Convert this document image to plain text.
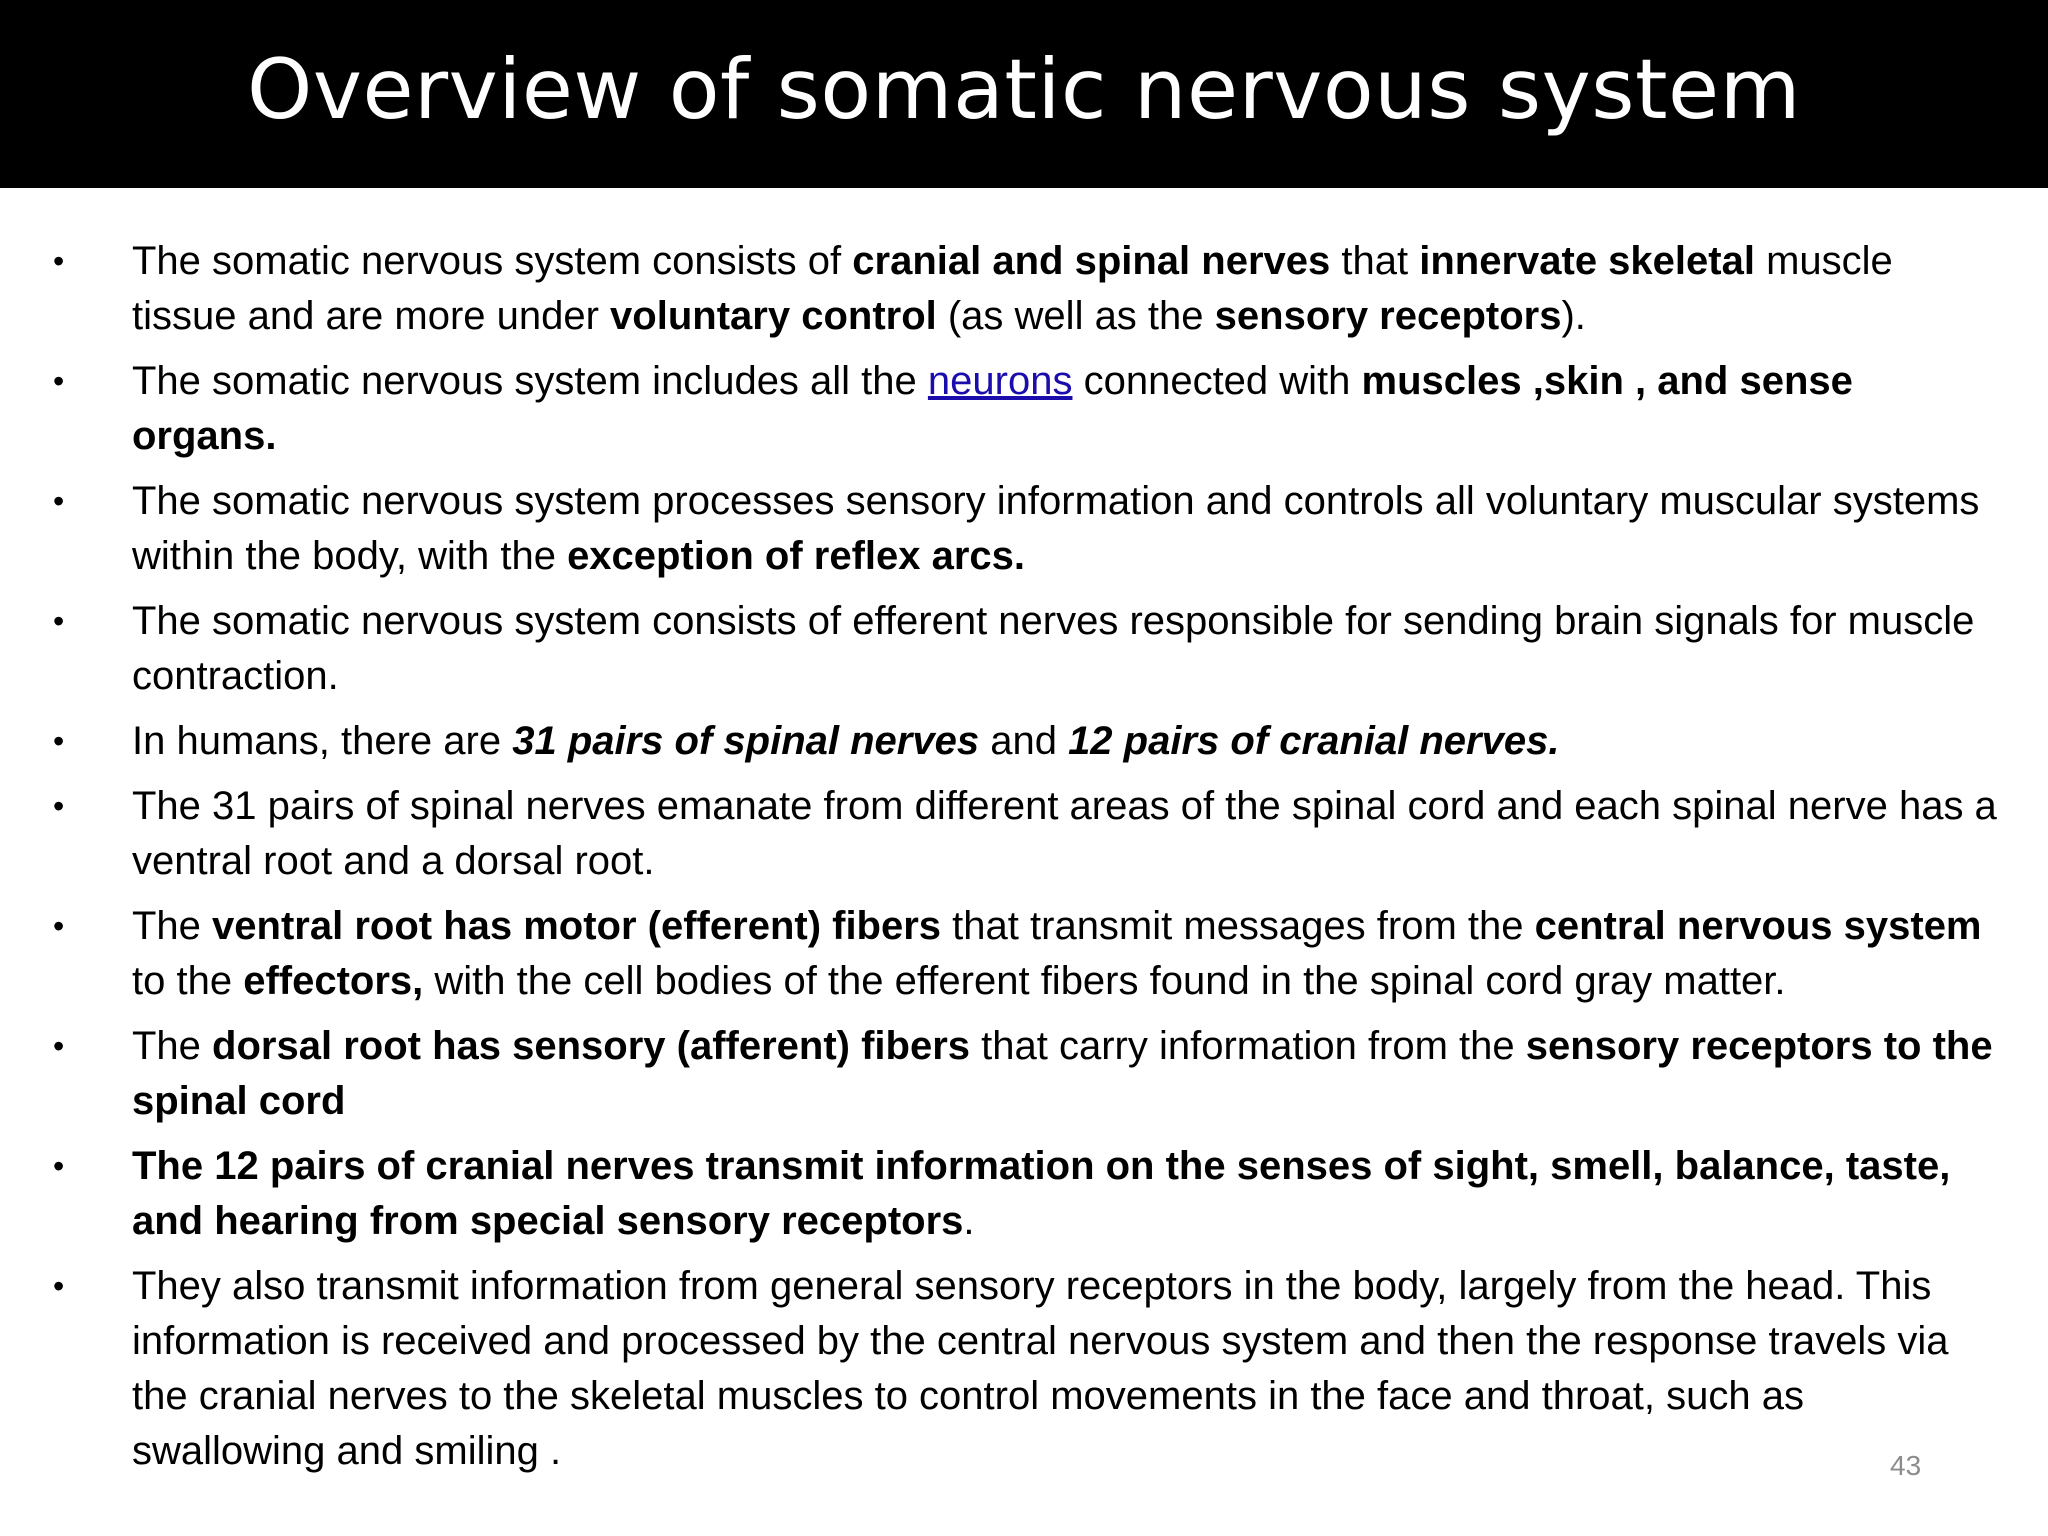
Overview of somatic nervous system
• The somatic nervous system consists of cranial and spinal nerves that innervate skeletal muscle tissue and are more under voluntary control (as well as the sensory receptors).
• The somatic nervous system includes all the neurons connected with muscles ,skin , and sense organs.
• The somatic nervous system processes sensory information and controls all voluntary muscular systems within the body, with the exception of reflex arcs.
• The somatic nervous system consists of efferent nerves responsible for sending brain signals for muscle contraction.
• In humans, there are 31 pairs of spinal nerves and 12 pairs of cranial nerves.
• The 31 pairs of spinal nerves emanate from different areas of the spinal cord and each spinal nerve has a ventral root and a dorsal root.
• The ventral root has motor (efferent) fibers that transmit messages from the central nervous system to the effectors, with the cell bodies of the efferent fibers found in the spinal cord gray matter.
• The dorsal root has sensory (afferent) fibers that carry information from the sensory receptors to the spinal cord
• The 12 pairs of cranial nerves transmit information on the senses of sight, smell, balance, taste, and hearing from special sensory receptors.
• They also transmit information from general sensory receptors in the body, largely from the head. This information is received and processed by the central nervous system and then the response travels via the cranial nerves to the skeletal muscles to control movements in the face and throat, such as swallowing and smiling .	43
